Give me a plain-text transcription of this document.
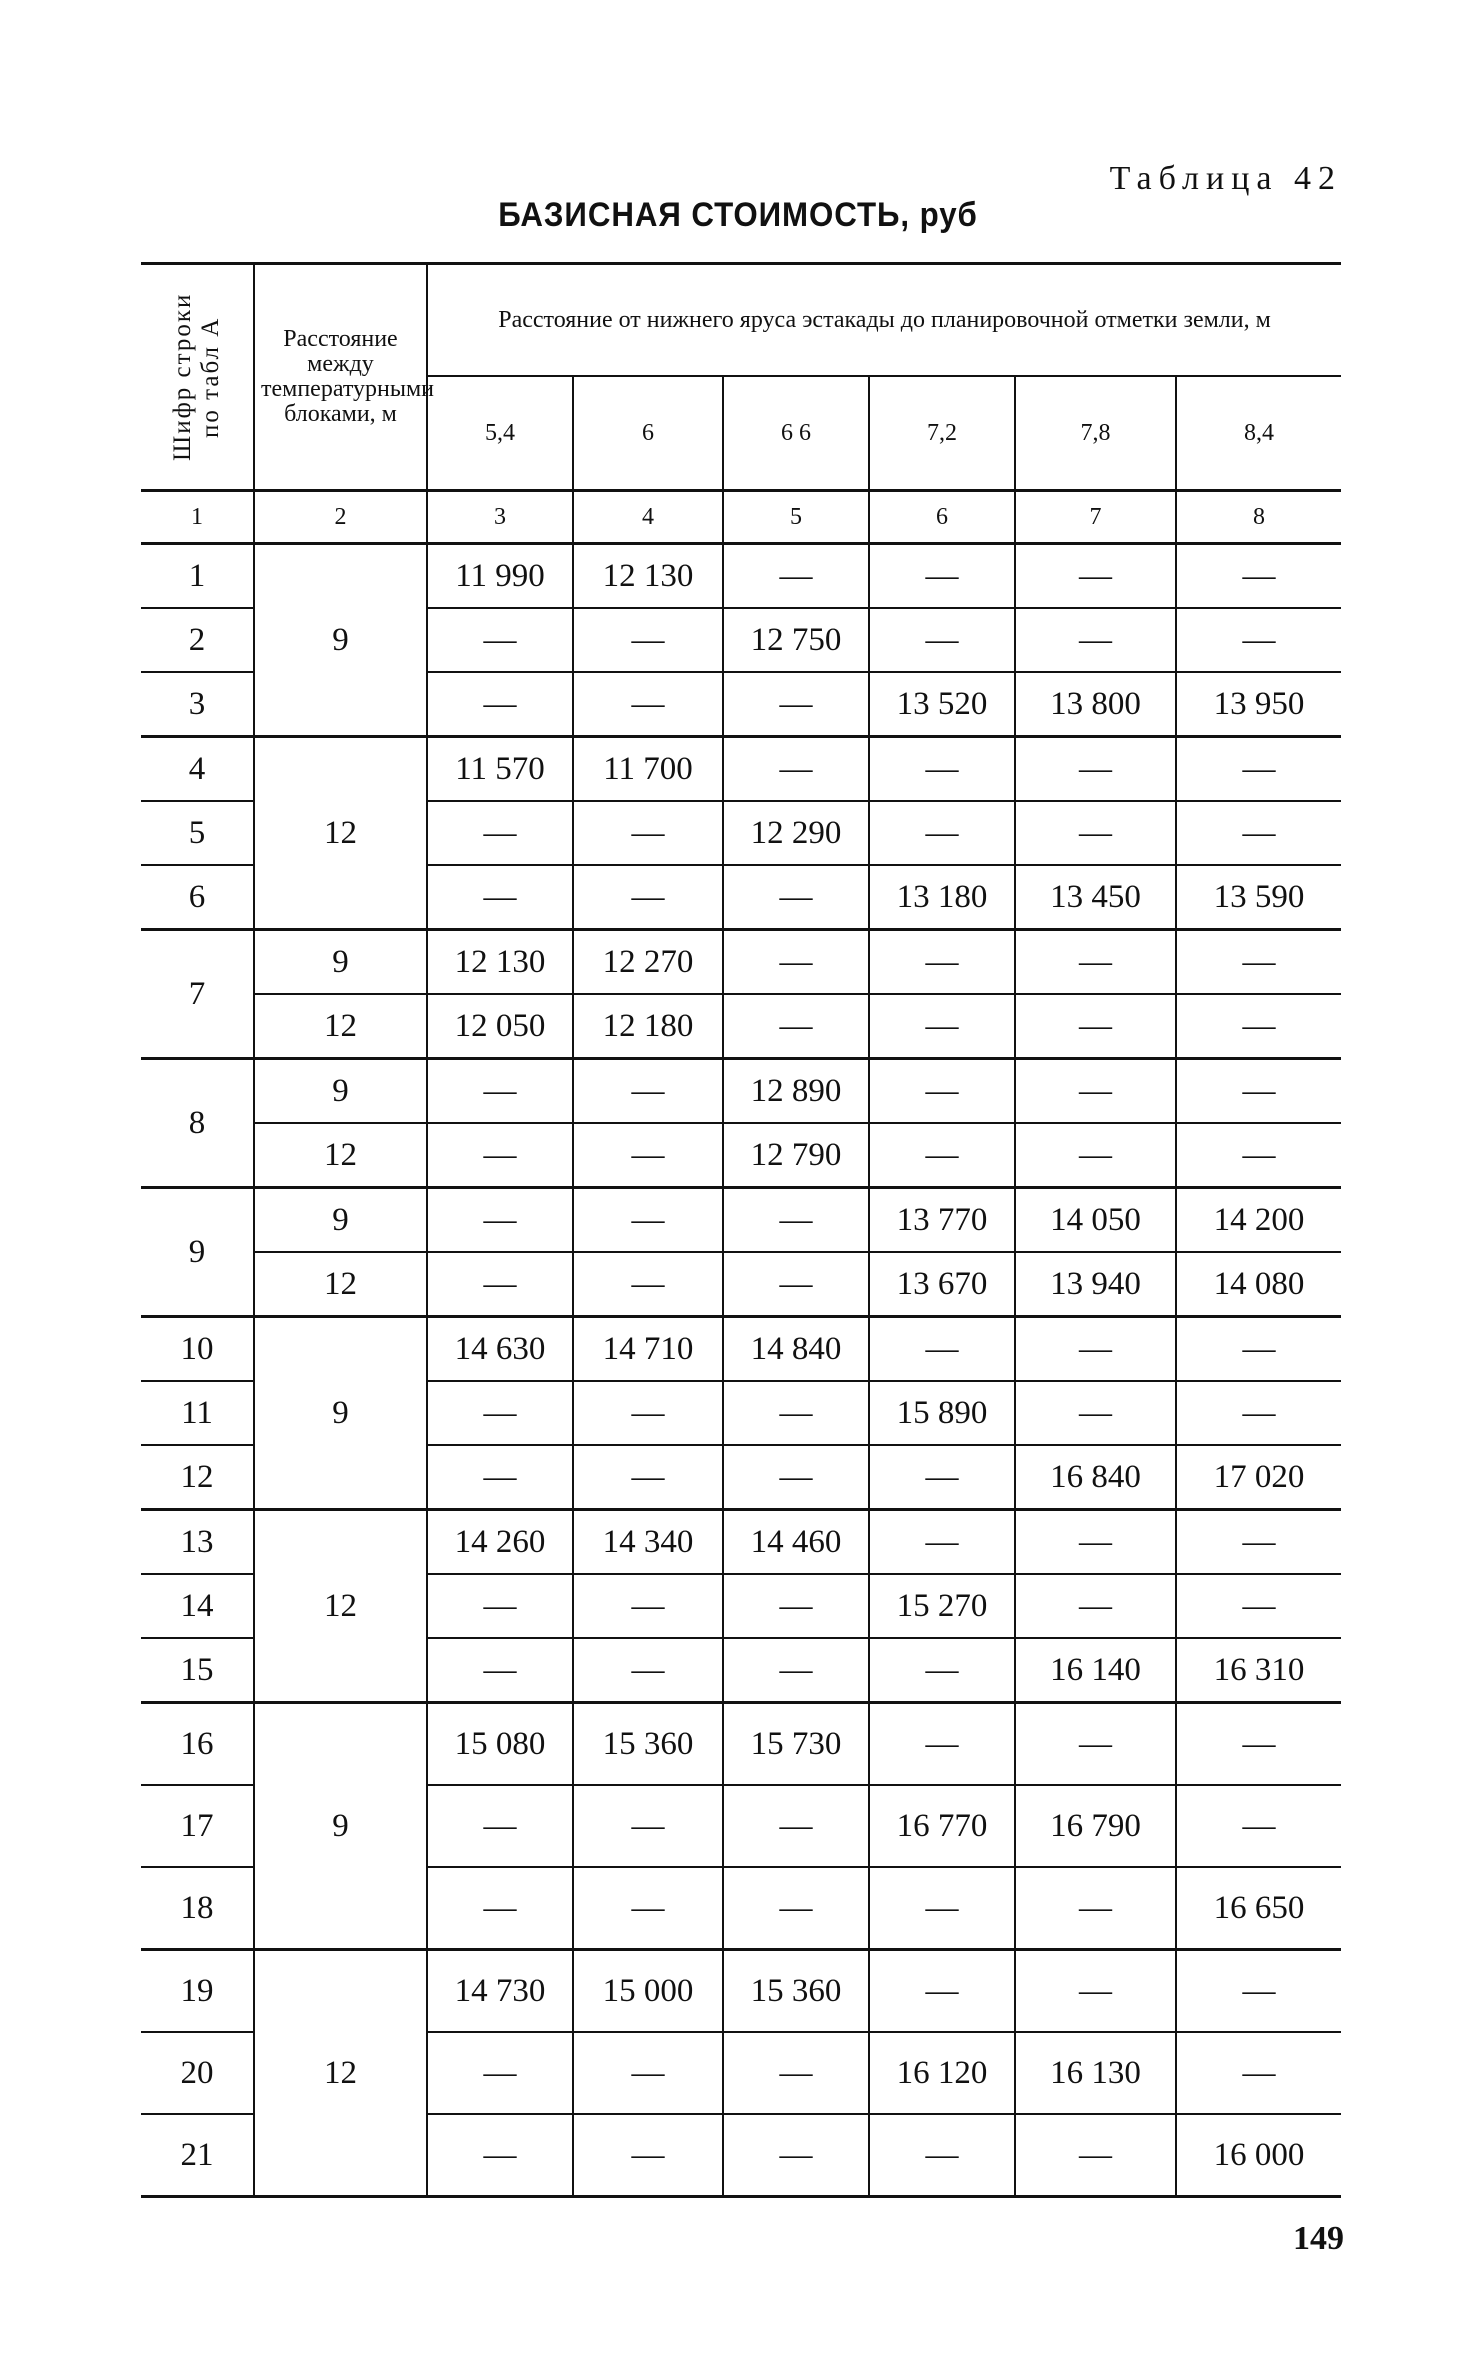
Таблица 42
БАЗИСНАЯ СТОИМОСТЬ, руб
Шифр строки по табл А	Расстояние между температурными блоками, м	Расстояние от нижнего яруса эстакады до планировочной отметки земли, м					
		5,4	6	6 6	7,2	7,8	8,4
1	2	3	4	5	6	7	8
1	9	11 990	12 130	—	—	—	—
2		—	—	12 750	—	—	—
3		—	—	—	13 520	13 800	13 950
4	12	11 570	11 700	—	—	—	—
5		—	—	12 290	—	—	—
6		—	—	—	13 180	13 450	13 590
7	9	12 130	12 270	—	—	—	—
	12	12 050	12 180	—	—	—	—
8	9	—	—	12 890	—	—	—
	12	—	—	12 790	—	—	—
9	9	—	—	—	13 770	14 050	14 200
	12	—	—	—	13 670	13 940	14 080
10	9	14 630	14 710	14 840	—	—	—
11		—	—	—	15 890	—	—
12		—	—	—	—	16 840	17 020
13	12	14 260	14 340	14 460	—	—	—
14		—	—	—	15 270	—	—
15		—	—	—	—	16 140	16 310
16	9	15 080	15 360	15 730	—	—	—
17		—	—	—	16 770	16 790	—
18		—	—	—	—	—	16 650
19	12	14 730	15 000	15 360	—	—	—
20		—	—	—	16 120	16 130	—
21		—	—	—	—	—	16 000
149
